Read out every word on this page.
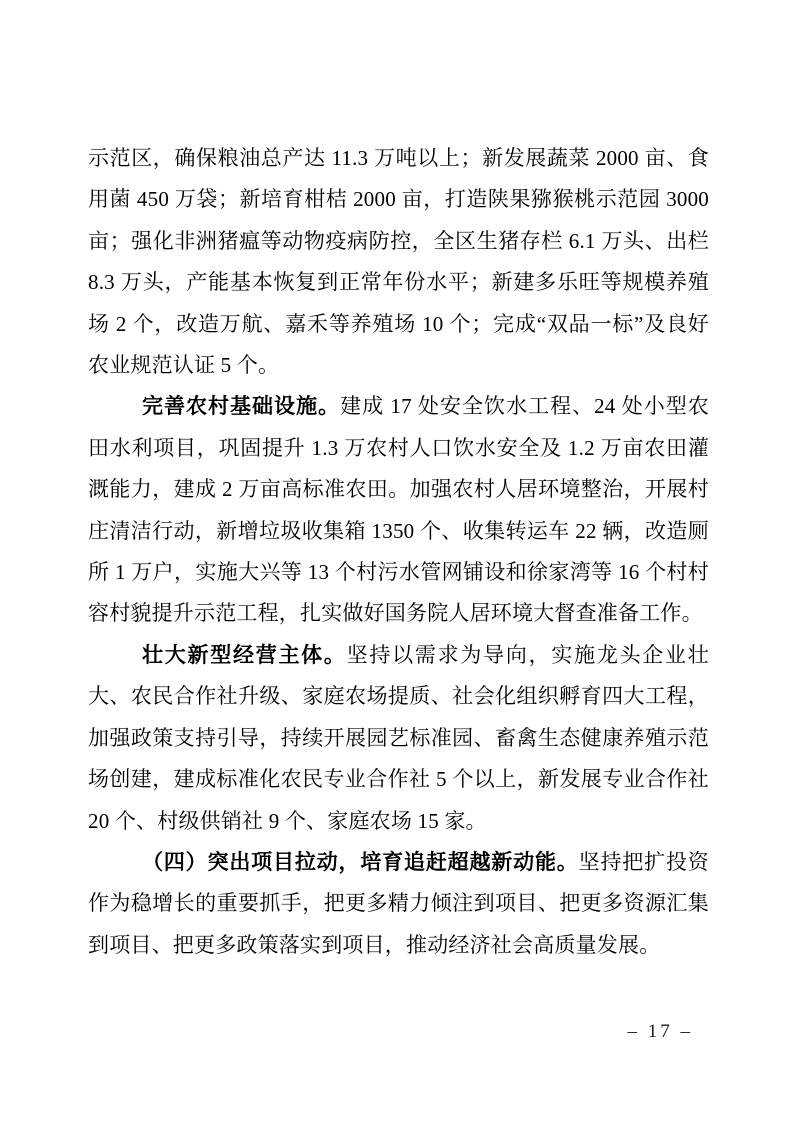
示范区，确保粮油总产达 11.3 万吨以上；新发展蔬菜 2000 亩、食用菌 450 万袋；新培育柑桔 2000 亩，打造陕果猕猴桃示范园 3000 亩；强化非洲猪瘟等动物疫病防控，全区生猪存栏 6.1 万头、出栏 8.3 万头，产能基本恢复到正常年份水平；新建多乐旺等规模养殖场 2 个，改造万航、嘉禾等养殖场 10 个；完成“双品一标”及良好农业规范认证 5 个。

完善农村基础设施。建成 17 处安全饮水工程、24 处小型农田水利项目，巩固提升 1.3 万农村人口饮水安全及 1.2 万亩农田灌溉能力，建成 2 万亩高标准农田。加强农村人居环境整治，开展村庄清洁行动，新增垃圾收集箱 1350 个、收集转运车 22 辆，改造厕所 1 万户，实施大兴等 13 个村污水管网铺设和徐家湾等 16 个村村容村貌提升示范工程，扎实做好国务院人居环境大督查准备工作。

壮大新型经营主体。坚持以需求为导向，实施龙头企业壮大、农民合作社升级、家庭农场提质、社会化组织孵育四大工程，加强政策支持引导，持续开展园艺标准园、畜禽生态健康养殖示范场创建，建成标准化农民专业合作社 5 个以上，新发展专业合作社 20 个、村级供销社 9 个、家庭农场 15 家。

（四）突出项目拉动，培育追赶超越新动能。坚持把扩投资作为稳增长的重要抓手，把更多精力倾注到项目、把更多资源汇集到项目、把更多政策落实到项目，推动经济社会高质量发展。

– 17 –
